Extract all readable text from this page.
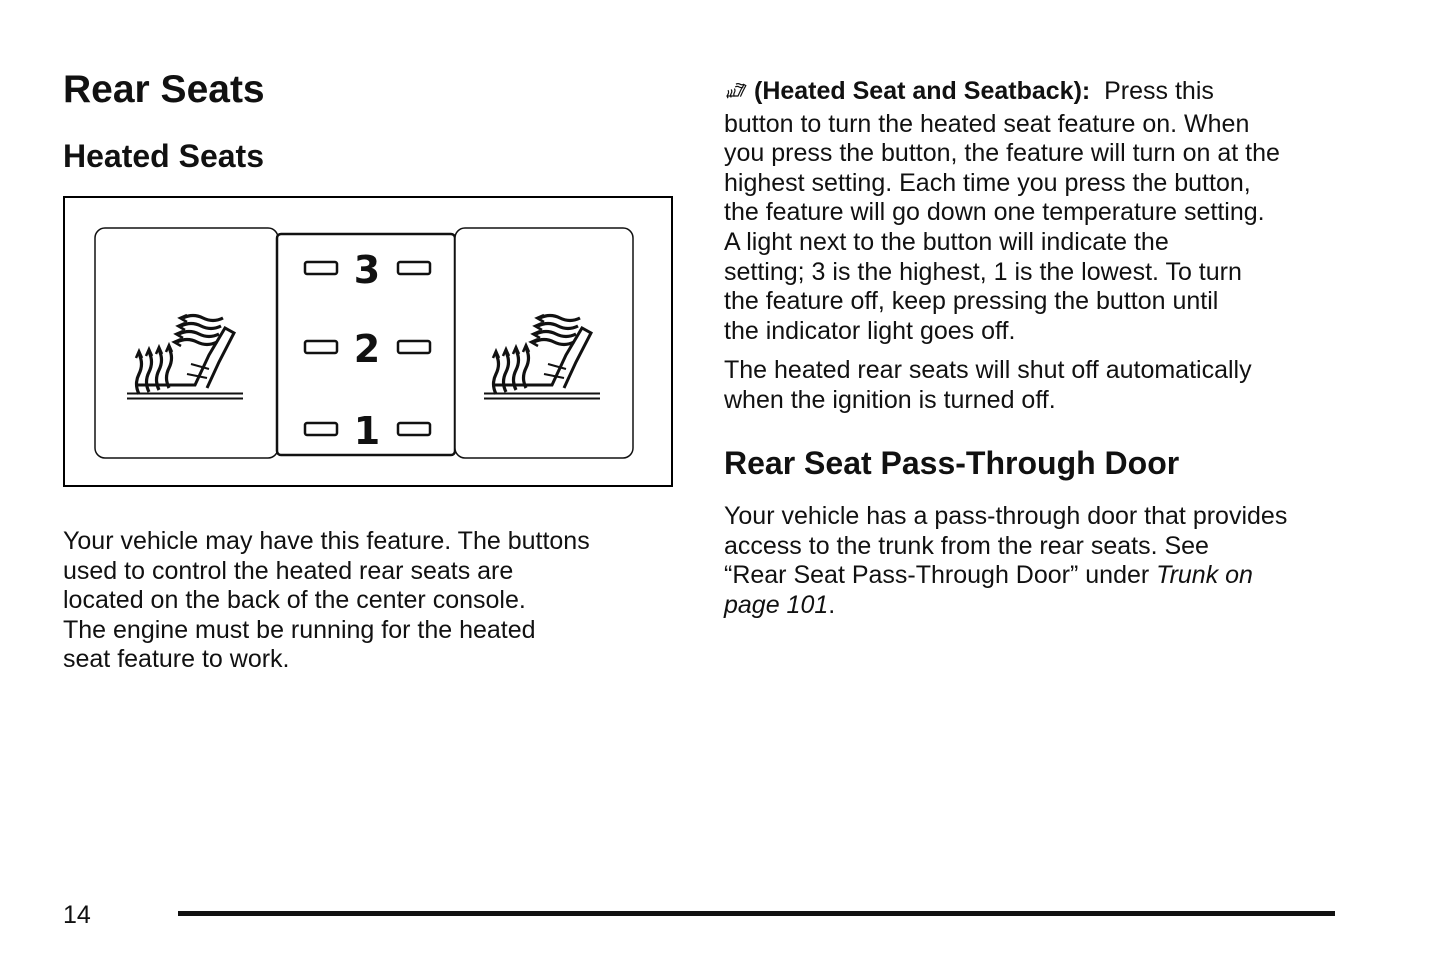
Rear Seats
Heated Seats
3
2
1

Your vehicle may have this feature. The buttons
used to control the heated rear seats are
located on the back of the center console.
The engine must be running for the heated
seat feature to work.

(Heated Seat and Seatback): Press this
button to turn the heated seat feature on. When
you press the button, the feature will turn on at the
highest setting. Each time you press the button,
the feature will go down one temperature setting.
A light next to the button will indicate the
setting; 3 is the highest, 1 is the lowest. To turn
the feature off, keep pressing the button until
the indicator light goes off.

The heated rear seats will shut off automatically
when the ignition is turned off.

Rear Seat Pass-Through Door

Your vehicle has a pass-through door that provides
access to the trunk from the rear seats. See
“Rear Seat Pass-Through Door” under Trunk on
page 101.

14
